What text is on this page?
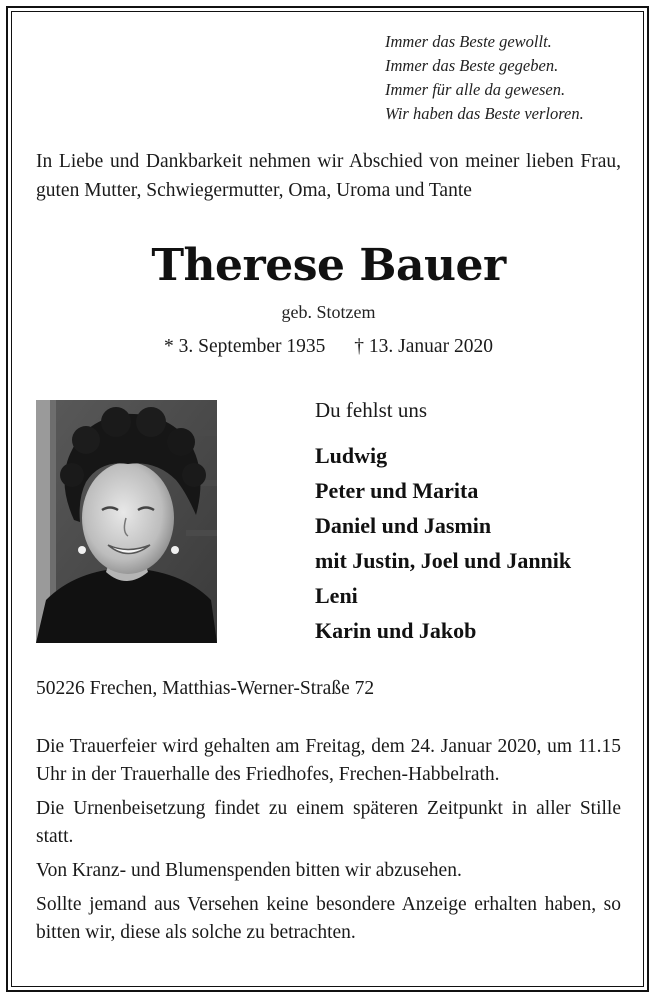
Immer das Beste gewollt.
Immer das Beste gegeben.
Immer für alle da gewesen.
Wir haben das Beste verloren.
In Liebe und Dankbarkeit nehmen wir Abschied von meiner lieben Frau, guten Mutter, Schwiegermutter, Oma, Uroma und Tante
Therese Bauer
geb. Stotzem
* 3. September 1935 † 13. Januar 2020
Du fehlst uns
Ludwig
Peter und Marita
Daniel und Jasmin
mit Justin, Joel und Jannik
Leni
Karin und Jakob
50226 Frechen, Matthias-Werner-Straße 72

Die Trauerfeier wird gehalten am Freitag, dem 24. Januar 2020, um 11.15 Uhr in der Trauerhalle des Friedhofes, Frechen-Habbelrath.

Die Urnenbeisetzung findet zu einem späteren Zeitpunkt in aller Stille statt.

Von Kranz- und Blumenspenden bitten wir abzusehen.

Sollte jemand aus Versehen keine besondere Anzeige erhalten haben, so bitten wir, diese als solche zu betrachten.
